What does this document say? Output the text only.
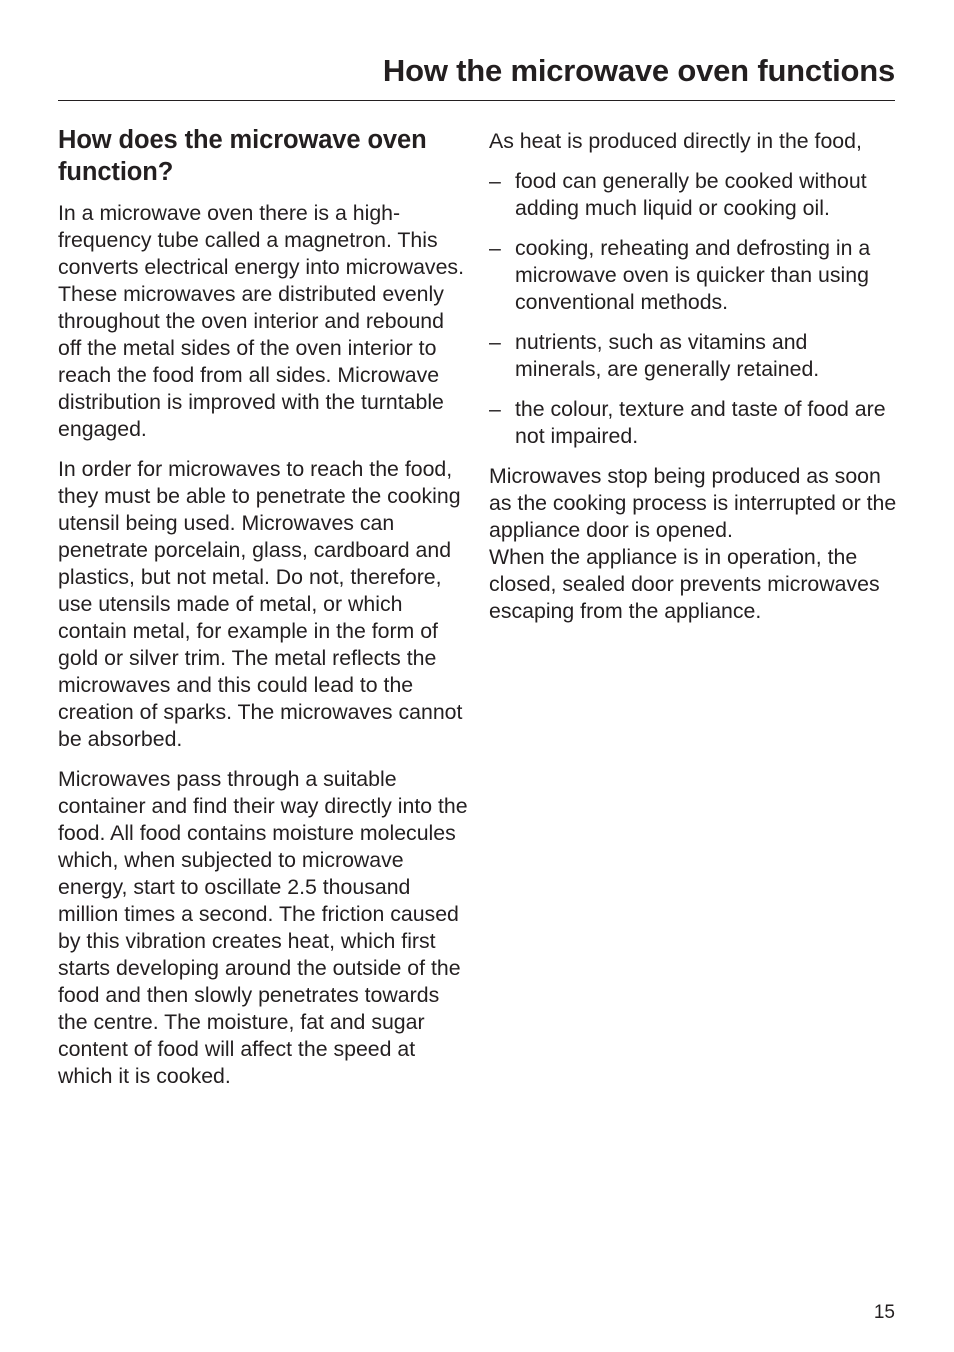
How the microwave oven functions
How does the microwave oven function?

In a microwave oven there is a high-frequency tube called a magnetron. This converts electrical energy into microwaves. These microwaves are distributed evenly throughout the oven interior and rebound off the metal sides of the oven interior to reach the food from all sides. Microwave distribution is improved with the turntable engaged.

In order for microwaves to reach the food, they must be able to penetrate the cooking utensil being used. Microwaves can penetrate porcelain, glass, cardboard and plastics, but not metal. Do not, therefore, use utensils made of metal, or which contain metal, for example in the form of gold or silver trim. The metal reflects the microwaves and this could lead to the creation of sparks. The microwaves cannot be absorbed.

Microwaves pass through a suitable container and find their way directly into the food. All food contains moisture molecules which, when subjected to microwave energy, start to oscillate 2.5 thousand million times a second. The friction caused by this vibration creates heat, which first starts developing around the outside of the food and then slowly penetrates towards the centre. The moisture, fat and sugar content of food will affect the speed at which it is cooked.

As heat is produced directly in the food,

– food can generally be cooked without adding much liquid or cooking oil.
– cooking, reheating and defrosting in a microwave oven is quicker than using conventional methods.
– nutrients, such as vitamins and minerals, are generally retained.
– the colour, texture and taste of food are not impaired.

Microwaves stop being produced as soon as the cooking process is interrupted or the appliance door is opened.

When the appliance is in operation, the closed, sealed door prevents microwaves escaping from the appliance.

15
